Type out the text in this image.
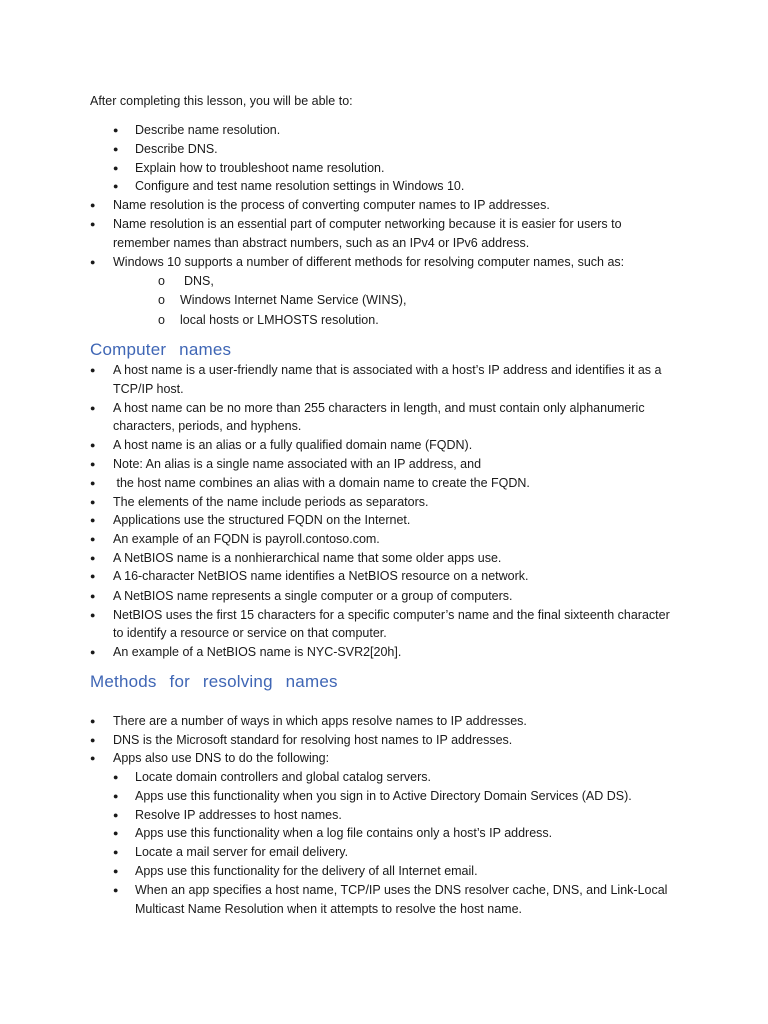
After completing this lesson, you will be able to:
● Describe name resolution.
● Describe DNS.
● Explain how to troubleshoot name resolution.
● Configure and test name resolution settings in Windows 10.
● Name resolution is the process of converting computer names to IP addresses.
● Name resolution is an essential part of computer networking because it is easier for users to
remember names than abstract numbers, such as an IPv4 or IPv6 address.
● Windows 10 supports a number of different methods for resolving computer names, such as:
o DNS,
o Windows Internet Name Service (WINS),
o local hosts or LMHOSTS resolution.
Computer names
● A host name is a user-friendly name that is associated with a host’s IP address and identifies it as a
TCP/IP host.
● A host name can be no more than 255 characters in length, and must contain only alphanumeric
characters, periods, and hyphens.
● A host name is an alias or a fully qualified domain name (FQDN).
● Note: An alias is a single name associated with an IP address, and
● the host name combines an alias with a domain name to create the FQDN.
● The elements of the name include periods as separators.
● Applications use the structured FQDN on the Internet.
● An example of an FQDN is payroll.contoso.com.
● A NetBIOS name is a nonhierarchical name that some older apps use.
● A 16-character NetBIOS name identifies a NetBIOS resource on a network.
● A NetBIOS name represents a single computer or a group of computers.
● NetBIOS uses the first 15 characters for a specific computer’s name and the final sixteenth character
to identify a resource or service on that computer.
● An example of a NetBIOS name is NYC-SVR2[20h].
Methods for resolving names
● There are a number of ways in which apps resolve names to IP addresses.
● DNS is the Microsoft standard for resolving host names to IP addresses.
● Apps also use DNS to do the following:
● Locate domain controllers and global catalog servers.
● Apps use this functionality when you sign in to Active Directory Domain Services (AD DS).
● Resolve IP addresses to host names.
● Apps use this functionality when a log file contains only a host’s IP address.
● Locate a mail server for email delivery.
● Apps use this functionality for the delivery of all Internet email.
● When an app specifies a host name, TCP/IP uses the DNS resolver cache, DNS, and Link-Local
Multicast Name Resolution when it attempts to resolve the host name.
